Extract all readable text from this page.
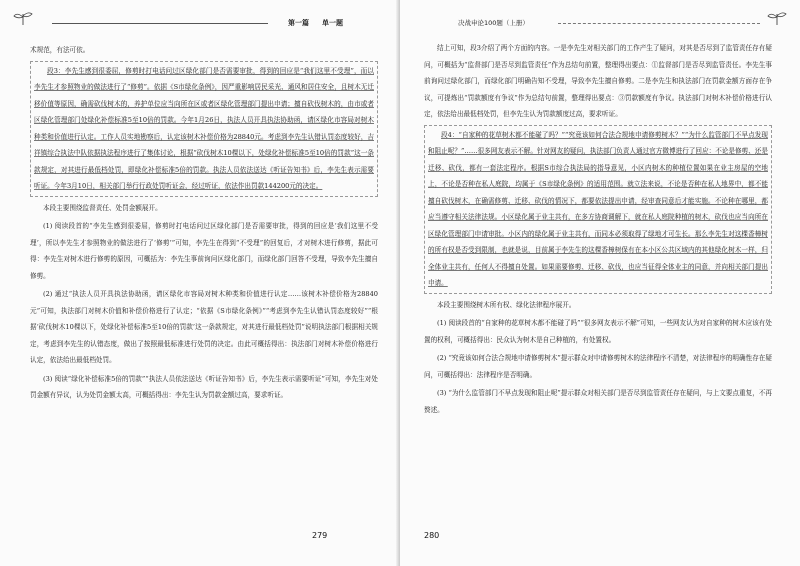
第一篇 单一题

术规范，有法可依。

段3：李先生感到很委屈，修剪时打电话问过区绿化部门是否需要审批，得到的回应是“我们这里不受理”，而以李先生才参照物业的做法进行了“修剪”。依据《S市绿化条例》，因严重影响居民采光、通风和居住安全，且树木无迁移价值等原因，确需砍伐树木的，养护单位应当向所在区或者区绿化管理部门提出申请；擅自砍伐树木的，由市或者区绿化管理部门处绿化补偿标准5至10倍的罚款。今年1月26日，执法人员开具执法协助函，请区绿化市容局对树木种类和价值进行认定。工作人员实地勘察后，认定该树木补偿价格为28840元。考虑到李先生认错认罚态度较好，吉祥镇综合执法中队依据执法程序进行了集体讨论，根据“砍伐树木10棵以下，处绿化补偿标准5至10倍的罚款”这一条款规定，对其进行最低档处罚，即绿化补偿标准5倍的罚款。执法人员依法送达《听证告知书》后，李先生表示需要听证。今年3月10日，相关部门举行行政处罚听证会，经过听证，依法作出罚款144200元的决定。

本段主要围绕监督责任、处罚金额展开。

(1) 阅读段首的“李先生感到很委屈，修剪时打电话问过区绿化部门是否需要审批，得到的回应是‘我们这里不受理’，所以李先生才参照物业的做法进行了‘修剪’”可知，李先生在得到“不受理”的回复后，才对树木进行修剪，据此可得：李先生对树木进行修剪的原因，可概括为：李先生事前询问区绿化部门，而绿化部门回答不受理，导致李先生擅自修剪。

(2) 通过“执法人员开具执法协助函，请区绿化市容局对树木种类和价值进行认定……该树木补偿价格为28840元”可知，执法部门对树木价值和补偿价格进行了认定；“依据《S市绿化条例》”“考虑到李先生认错认罚态度较好”“根据‘砍伐树木10棵以下，处绿化补偿标准5至10倍的罚款’这一条款规定，对其进行最低档处罚”说明执法部门根据相关规定，考虑到李先生的认错态度，做出了按照最低标准进行处罚的决定。由此可概括得出：执法部门对树木补偿价格进行认定，依法给出最低档处罚。

(3) 阅读“绿化补偿标准5倍的罚款”“执法人员依法送达《听证告知书》后，李先生表示需要听证”可知，李先生对处罚金额有异议，认为处罚金额太高，可概括得出：李先生认为罚款金额过高，要求听证。

279
决战申论100题（上册）

结上可知，段3介绍了两个方面的内容。一是李先生对相关部门的工作产生了疑问，对其是否尽到了监管责任存有疑问，可概括为“监督部门是否尽到监管责任”作为总结句前置，整理得出要点：①监督部门是否尽到监管责任。李先生事前询问过绿化部门，而绿化部门明确告知不受理，导致李先生擅自修剪。二是李先生和执法部门在罚款金额方面存在争议，可提炼出“罚款额度有争议”作为总结句前置，整理得出要点：③罚款额度有争议。执法部门对树木补偿价格进行认定，依法给出最低档处罚，但李先生认为罚款额度过高，要求听证。

段4：“自家种的花草树木都不能碰了吗？”“究竟该如何合法合规地申请修剪树木？”“为什么监管部门不早点发现和阻止呢？”……很多网友表示不解。针对网友的疑问，执法部门负责人通过官方微博进行了回应：不论是修剪、还是迁移、砍伐，都有一套法定程序。根据S市综合执法局的指导意见，小区内树木的种植位置如果在业主房屋的空地上，不论是否种在私人庭院，均属于《S市绿化条例》的适用范围。就立法来说，不论是否种在私人地界中，都不能擅自砍伐树木，在确需修剪、迁移、砍伐的情况下，都要依法提出申请，经审查同意后才能实施。不论种在哪里，都应当遵守相关法律法规。小区绿化属于业主共有，在多方协商调解下，就在私人庭院种植的树木，砍伐也应当向所在区绿化管理部门申请审批。小区内的绿化属于业主共有，而同本必须取得了绿地才可生长。那么李先生对这棵香樟树的所有权是否受到限制，也就是说，目前属于李先生的这棵香樟树保有在本小区公共区域内的其他绿化树木一样，归全体业主共有，任何人不得擅自处置。如果需要修剪、迁移、砍伐，也应当征得全体业主的同意，并向相关部门提出申请。

本段主要围绕树木所有权、绿化法律程序展开。

(1) 阅读段首的“自家种的花草树木都不能碰了吗”“很多网友表示不解”可知，一些网友认为对自家种的树木应该有处置的权利，可概括得出：民众认为树木是自己种植的，有处置权。

(2) “究竟该如何合法合规地申请修剪树木”提示群众对申请修剪树木的法律程序不清楚，对法律程序的明确性存在疑问，可概括得出：法律程序是否明确。

(3) “为什么监管部门不早点发现和阻止呢”提示群众对相关部门是否尽到监管责任存在疑问，与上文要点重复，不再赘述。

280
